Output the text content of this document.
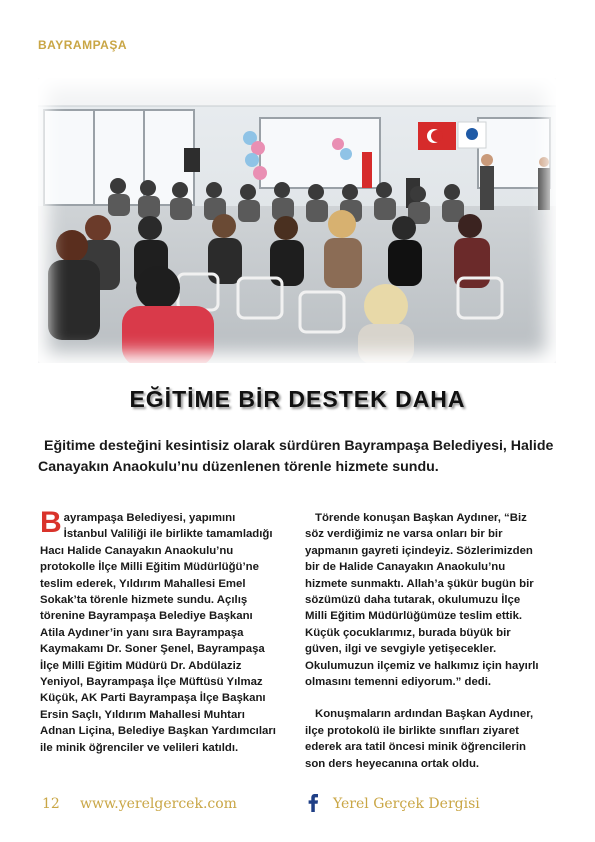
BAYRAMPAŞA
EĞİTİME BİR DESTEK DAHA
Eğitime desteğini kesintisiz olarak sürdüren Bayrampaşa Belediyesi, Halide Canayakın Anaokulu’nu düzenlenen törenle hizmete sundu.

Bayrampaşa Belediyesi, yapımını İstanbul Valiliği ile birlikte tamamladığı Hacı Halide Canayakın Anaokulu’nu protokolle İlçe Milli Eğitim Müdürlüğü’ne teslim ederek, Yıldırım Mahallesi Emel Sokak’ta törenle hizmete sundu. Açılış törenine Bayrampaşa Belediye Başkanı Atila Aydıner’in yanı sıra Bayrampaşa Kaymakamı Dr. Soner Şenel, Bayrampaşa İlçe Milli Eğitim Müdürü Dr. Abdülaziz Yeniyol, Bayrampaşa İlçe Müftüsü Yılmaz Küçük, AK Parti Bayrampaşa İlçe Başkanı Ersin Saçlı, Yıldırım Mahallesi Muhtarı Adnan Liçina, Belediye Başkan Yardımcıları ile minik öğrenciler ve velileri katıldı.

Törende konuşan Başkan Aydıner, “Biz söz verdiğimiz ne varsa onları bir bir yapmanın gayreti içindeyiz. Sözlerimizden bir de Halide Canayakın Anaokulu’nu hizmete sunmaktı. Allah’a şükür bugün bir sözümüzü daha tutarak, okulumuzu İlçe Milli Eğitim Müdürlüğümüze teslim ettik. Küçük çocuklarımız, burada büyük bir güven, ilgi ve sevgiyle yetişecekler. Okulumuzun ilçemiz ve halkımız için hayırlı olmasını temenni ediyorum.” dedi.

Konuşmaların ardından Başkan Aydıner, ilçe protokolü ile birlikte sınıfları ziyaret ederek ara tatil öncesi minik öğrencilerin son ders heyecanına ortak oldu.

12 www.yerelgercek.com	Yerel Gerçek Dergisi
